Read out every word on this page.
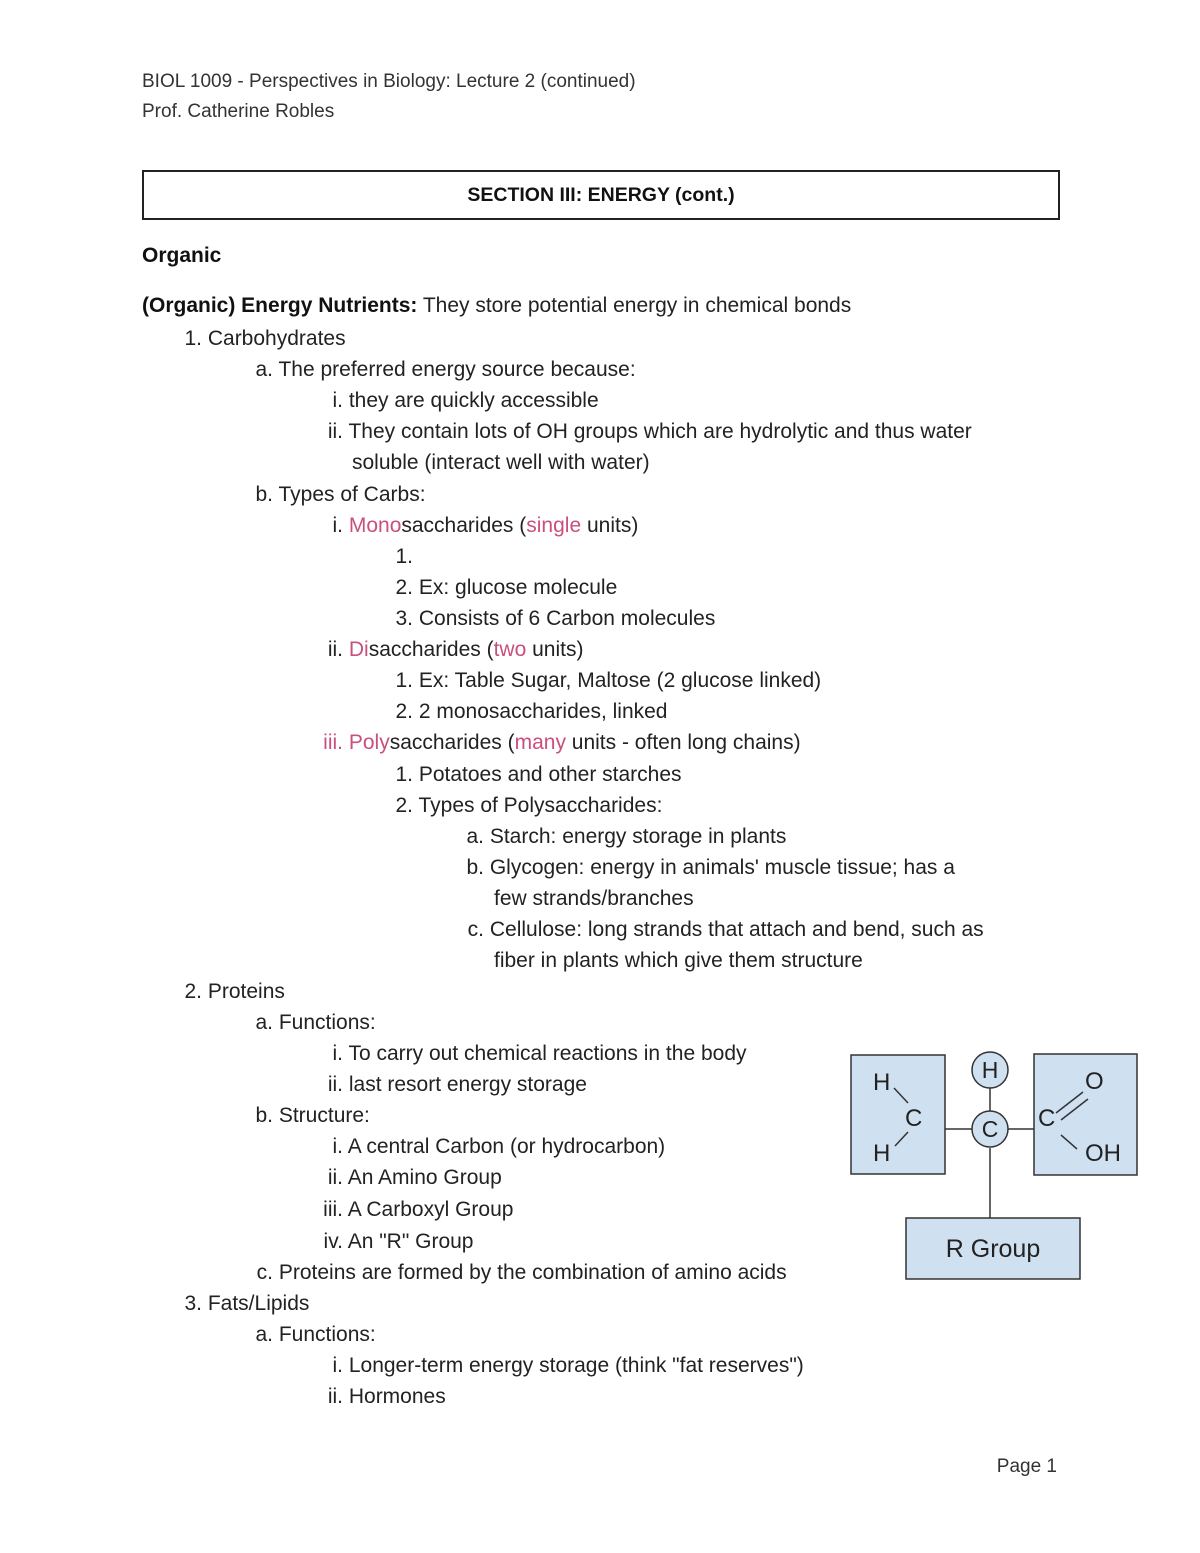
BIOL 1009 - Perspectives in Biology: Lecture 2 (continued)
Prof. Catherine Robles
SECTION III: ENERGY (cont.)
Organic
(Organic) Energy Nutrients: They store potential energy in chemical bonds
1. Carbohydrates
a. The preferred energy source because:
i. they are quickly accessible
ii. They contain lots of OH groups which are hydrolytic and thus water
soluble (interact well with water)
b. Types of Carbs:
i. Monosaccharides (single units)
1.
2. Ex: glucose molecule
3. Consists of 6 Carbon molecules
ii. Disaccharides (two units)
1. Ex: Table Sugar, Maltose (2 glucose linked)
2. 2 monosaccharides, linked
iii. Polysaccharides (many units - often long chains)
1. Potatoes and other starches
2. Types of Polysaccharides:
a. Starch: energy storage in plants
b. Glycogen: energy in animals' muscle tissue; has a
few strands/branches
c. Cellulose: long strands that attach and bend, such as
fiber in plants which give them structure
2. Proteins
a. Functions:
i. To carry out chemical reactions in the body
ii. last resort energy storage
b. Structure:
i. A central Carbon (or hydrocarbon)
ii. An Amino Group
iii. A Carboxyl Group
iv. An "R" Group
c. Proteins are formed by the combination of amino acids
3. Fats/Lipids
a. Functions:
i. Longer-term energy storage (think "fat reserves")
ii. Hormones
H
C
H
H
C C
O
OH
R Group
Page 1
